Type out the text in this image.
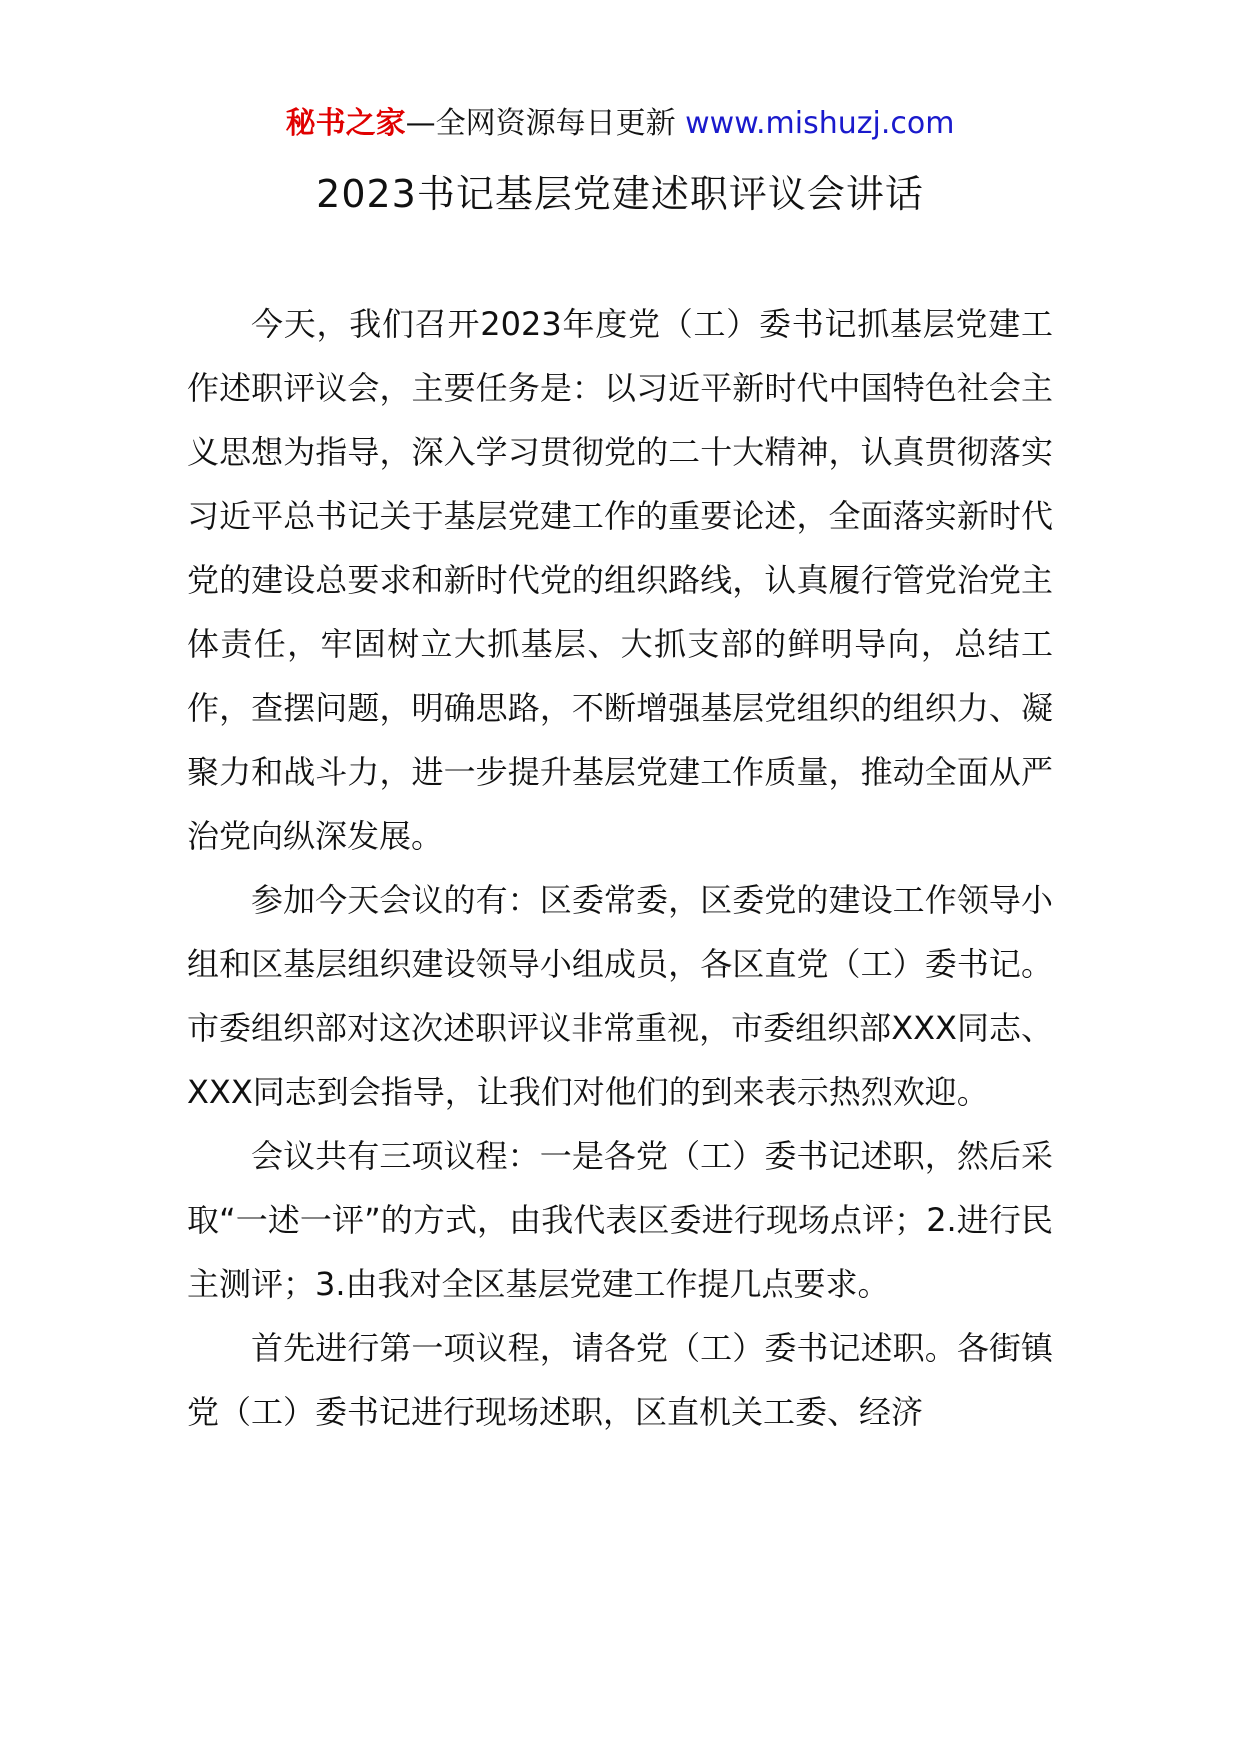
秘书之家—全网资源每日更新 www.mishuzj.com
2023书记基层党建述职评议会讲话

今天，我们召开2023年度党（工）委书记抓基层党建工作述职评议会，主要任务是：以习近平新时代中国特色社会主义思想为指导，深入学习贯彻党的二十大精神，认真贯彻落实习近平总书记关于基层党建工作的重要论述，全面落实新时代党的建设总要求和新时代党的组织路线，认真履行管党治党主体责任，牢固树立大抓基层、大抓支部的鲜明导向，总结工作，查摆问题，明确思路，不断增强基层党组织的组织力、凝聚力和战斗力，进一步提升基层党建工作质量，推动全面从严治党向纵深发展。

参加今天会议的有：区委常委，区委党的建设工作领导小组和区基层组织建设领导小组成员，各区直党（工）委书记。市委组织部对这次述职评议非常重视，市委组织部XXX同志、XXX同志到会指导，让我们对他们的到来表示热烈欢迎。

会议共有三项议程：一是各党（工）委书记述职，然后采取“一述一评”的方式，由我代表区委进行现场点评；2.进行民主测评；3.由我对全区基层党建工作提几点要求。

首先进行第一项议程，请各党（工）委书记述职。各街镇党（工）委书记进行现场述职，区直机关工委、经济
